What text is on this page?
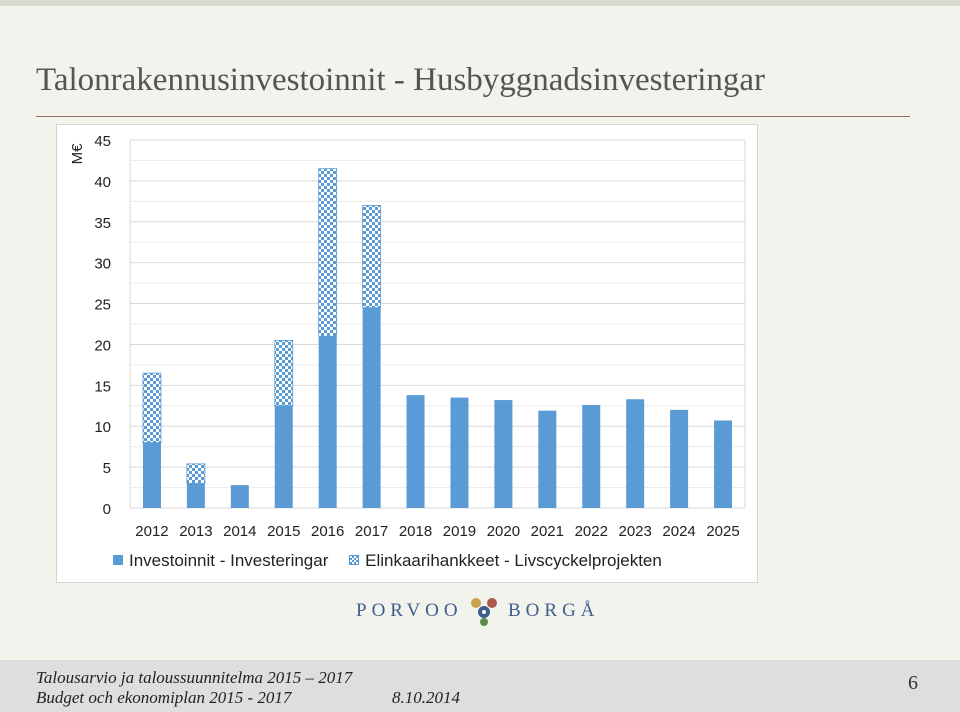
Talonrakennusinvestoinnit - Husbyggnadsinvesteringar
M€
0
5
10
15
20
25
30
35
40
45
2012 2013 2014 2015 2016 2017 2018 2019 2020 2021 2022 2023 2024 2025
Investoinnit - Investeringar Elinkaarihankkeet - Livscyckelprojekten
PORVOO BORGÅ
Talousarvio ja taloussuunnitelma 2015 – 2017
Budget och ekonomiplan 2015 - 2017	8.10.2014
6
